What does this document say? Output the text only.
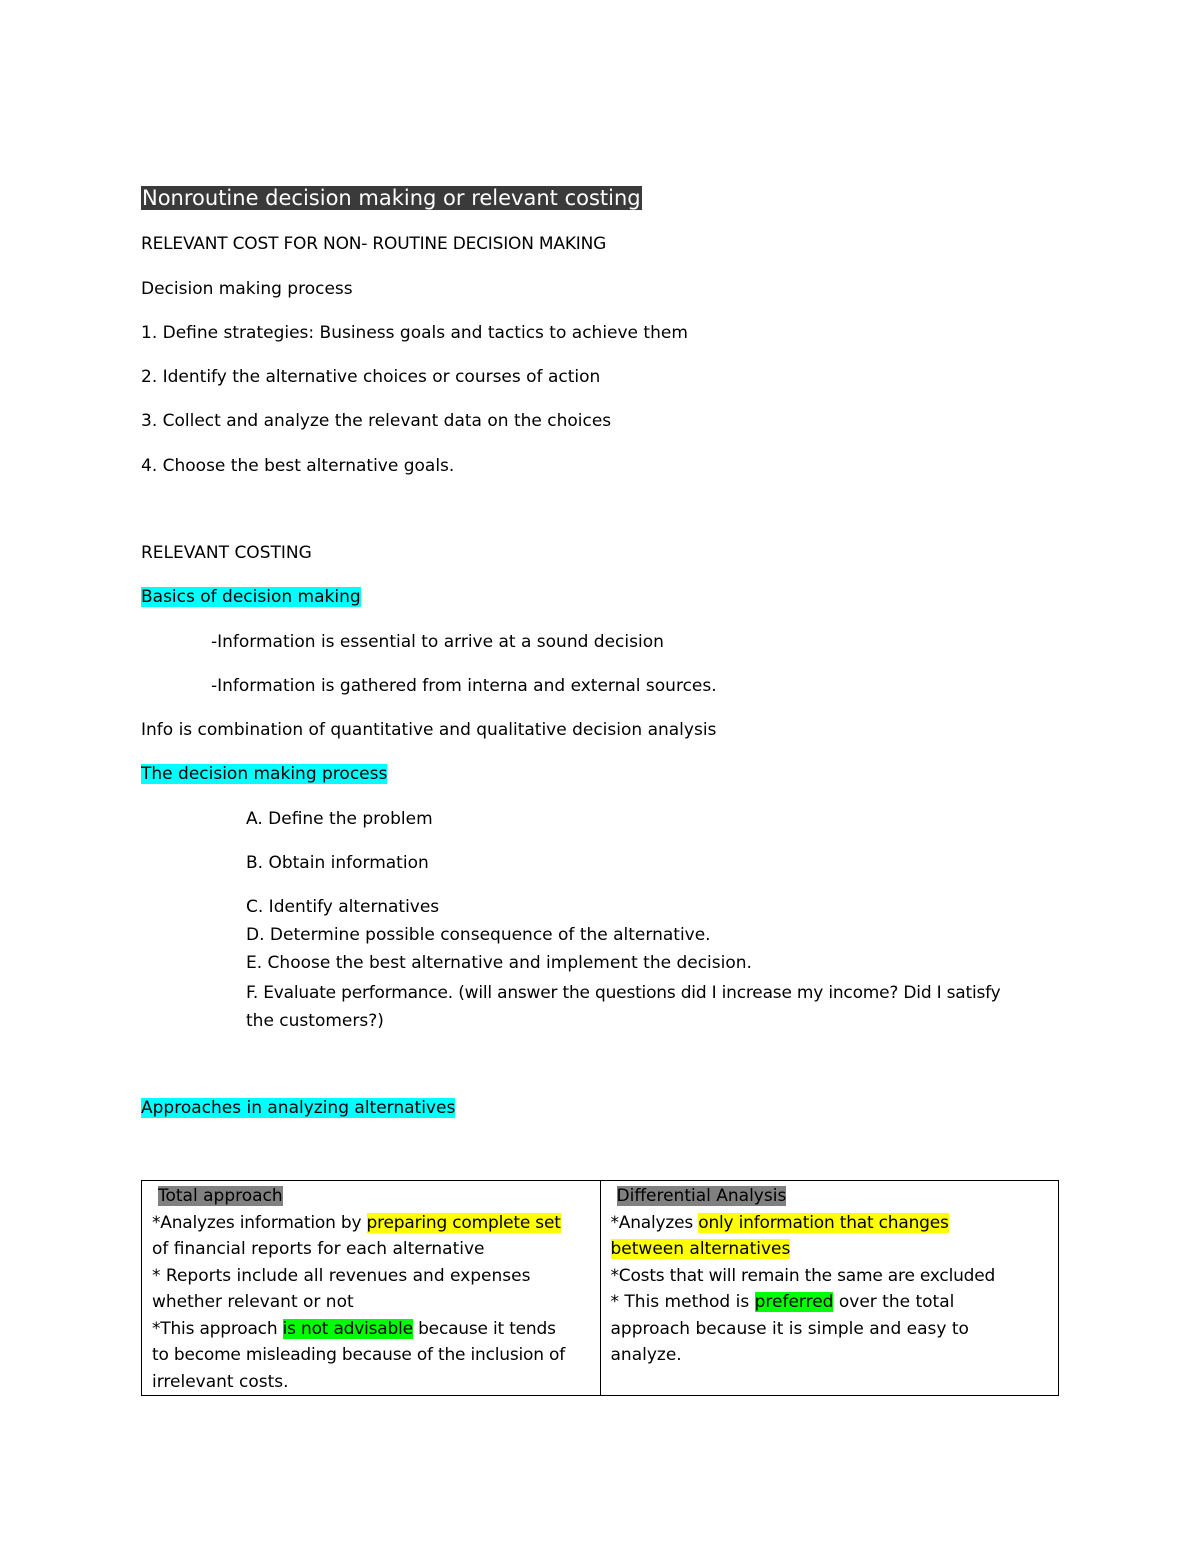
Nonroutine decision making or relevant costing
RELEVANT COST FOR NON- ROUTINE DECISION MAKING
Decision making process
1. Define strategies: Business goals and tactics to achieve them
2. Identify the alternative choices or courses of action
3. Collect and analyze the relevant data on the choices
4. Choose the best alternative goals.
RELEVANT COSTING
Basics of decision making
-Information is essential to arrive at a sound decision
-Information is gathered from interna and external sources.
Info is combination of quantitative and qualitative decision analysis
The decision making process
A. Define the problem
B. Obtain information
C. Identify alternatives
D. Determine possible consequence of the alternative.
E. Choose the best alternative and implement the decision.
F. Evaluate performance. (will answer the questions did I increase my income? Did I satisfy
the customers?)
Approaches in analyzing alternatives
Total approach
*Analyzes information by preparing complete set
of financial reports for each alternative
* Reports include all revenues and expenses
whether relevant or not
*This approach is not advisable because it tends
to become misleading because of the inclusion of
irrelevant costs.

Differential Analysis
*Analyzes only information that changes
between alternatives
*Costs that will remain the same are excluded
* This method is preferred over the total
approach because it is simple and easy to
analyze.
